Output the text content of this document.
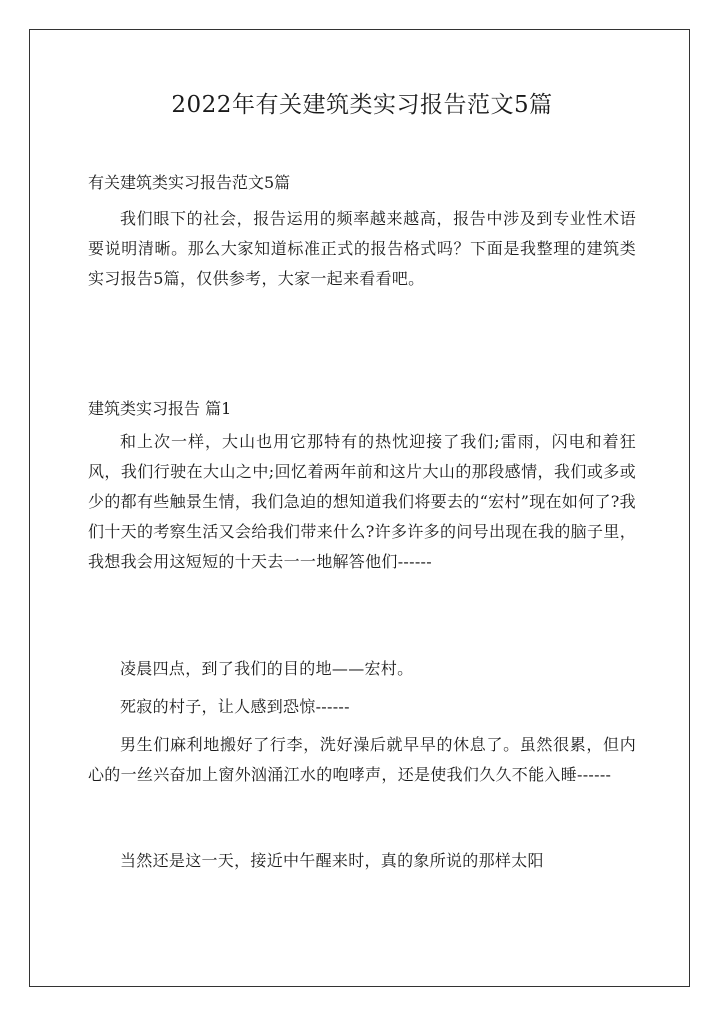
2022年有关建筑类实习报告范文5篇

有关建筑类实习报告范文5篇

我们眼下的社会，报告运用的频率越来越高，报告中涉及到专业性术语要说明清晰。那么大家知道标准正式的报告格式吗？下面是我整理的建筑类实习报告5篇，仅供参考，大家一起来看看吧。

建筑类实习报告 篇1

和上次一样，大山也用它那特有的热忱迎接了我们;雷雨，闪电和着狂风，我们行驶在大山之中;回忆着两年前和这片大山的那段感情，我们或多或少的都有些触景生情，我们急迫的想知道我们将要去的“宏村”现在如何了?我们十天的考察生活又会给我们带来什么?许多许多的问号出现在我的脑子里，我想我会用这短短的十天去一一地解答他们------

凌晨四点，到了我们的目的地——宏村。

死寂的村子，让人感到恐惊------

男生们麻利地搬好了行李，洗好澡后就早早的休息了。虽然很累，但内心的一丝兴奋加上窗外汹涌江水的咆哮声，还是使我们久久不能入睡------

当然还是这一天，接近中午醒来时，真的象所说的那样太阳
